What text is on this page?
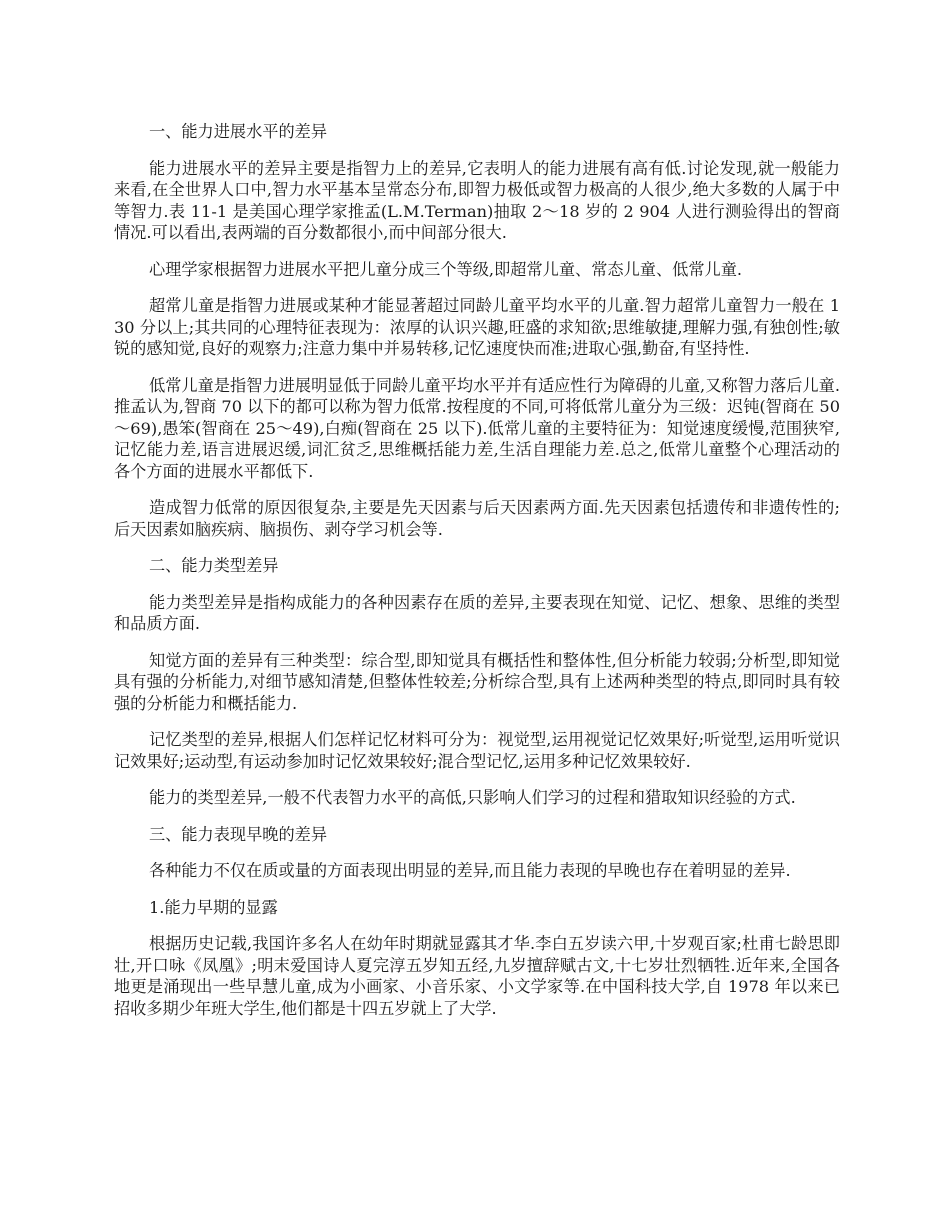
一、能力进展水平的差异

能力进展水平的差异主要是指智力上的差异,它表明人的能力进展有高有低.讨论发现,就一般能力来看,在全世界人口中,智力水平基本呈常态分布,即智力极低或智力极高的人很少,绝大多数的人属于中等智力.表 11-1 是美国心理学家推孟(L.M.Terman)抽取 2～18 岁的 2 904 人进行测验得出的智商情况.可以看出,表两端的百分数都很小,而中间部分很大.

心理学家根据智力进展水平把儿童分成三个等级,即超常儿童、常态儿童、低常儿童.

超常儿童是指智力进展或某种才能显著超过同龄儿童平均水平的儿童.智力超常儿童智力一般在 130 分以上;其共同的心理特征表现为：浓厚的认识兴趣,旺盛的求知欲;思维敏捷,理解力强,有独创性;敏锐的感知觉,良好的观察力;注意力集中并易转移,记忆速度快而准;进取心强,勤奋,有坚持性.

低常儿童是指智力进展明显低于同龄儿童平均水平并有适应性行为障碍的儿童,又称智力落后儿童.推孟认为,智商 70 以下的都可以称为智力低常.按程度的不同,可将低常儿童分为三级：迟钝(智商在 50～69),愚笨(智商在 25～49),白痴(智商在 25 以下).低常儿童的主要特征为：知觉速度缓慢,范围狭窄,记忆能力差,语言进展迟缓,词汇贫乏,思维概括能力差,生活自理能力差.总之,低常儿童整个心理活动的各个方面的进展水平都低下.

造成智力低常的原因很复杂,主要是先天因素与后天因素两方面.先天因素包括遗传和非遗传性的;后天因素如脑疾病、脑损伤、剥夺学习机会等.

二、能力类型差异

能力类型差异是指构成能力的各种因素存在质的差异,主要表现在知觉、记忆、想象、思维的类型和品质方面.

知觉方面的差异有三种类型：综合型,即知觉具有概括性和整体性,但分析能力较弱;分析型,即知觉具有强的分析能力,对细节感知清楚,但整体性较差;分析综合型,具有上述两种类型的特点,即同时具有较强的分析能力和概括能力.

记忆类型的差异,根据人们怎样记忆材料可分为：视觉型,运用视觉记忆效果好;听觉型,运用听觉识记效果好;运动型,有运动参加时记忆效果较好;混合型记忆,运用多种记忆效果较好.

能力的类型差异,一般不代表智力水平的高低,只影响人们学习的过程和猎取知识经验的方式.

三、能力表现早晚的差异

各种能力不仅在质或量的方面表现出明显的差异,而且能力表现的早晚也存在着明显的差异.

1.能力早期的显露

根据历史记载,我国许多名人在幼年时期就显露其才华.李白五岁读六甲,十岁观百家;杜甫七龄思即壮,开口咏《凤凰》;明末爱国诗人夏完淳五岁知五经,九岁擅辞赋古文,十七岁壮烈牺牲.近年来,全国各地更是涌现出一些早慧儿童,成为小画家、小音乐家、小文学家等.在中国科技大学,自 1978 年以来已招收多期少年班大学生,他们都是十四五岁就上了大学.
